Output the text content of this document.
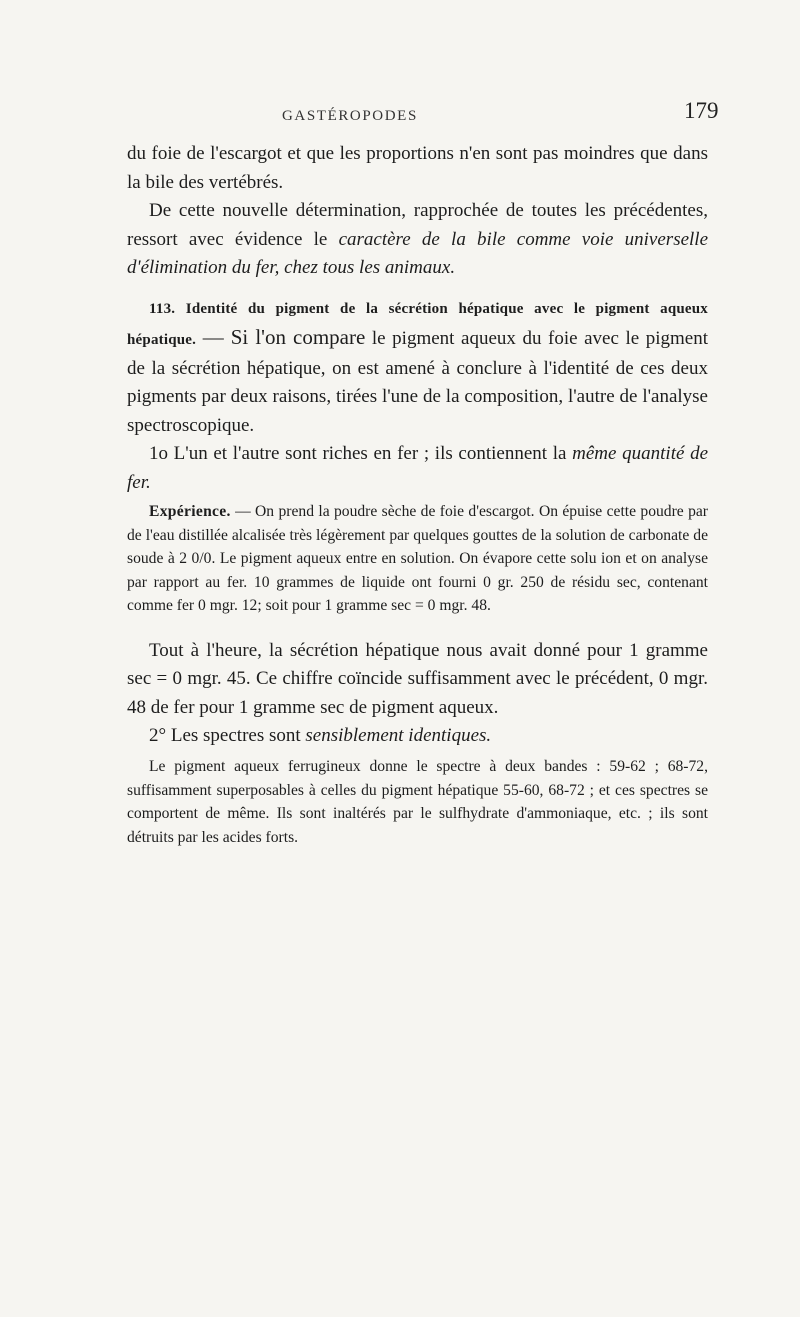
GASTÉROPODES	179

du foie de l'escargot et que les proportions n'en sont pas moindres que dans la bile des vertébrés.

De cette nouvelle détermination, rapprochée de toutes les précédentes, ressort avec évidence le caractère de la bile comme voie universelle d'élimination du fer, chez tous les animaux.

113. Identité du pigment de la sécrétion hépatique avec le pigment aqueux hépatique. — Si l'on compare le pigment aqueux du foie avec le pigment de la sécrétion hépatique, on est amené à conclure à l'identité de ces deux pigments par deux raisons, tirées l'une de la composition, l'autre de l'analyse spectroscopique.

1o L'un et l'autre sont riches en fer ; ils contiennent la même quantité de fer.

Expérience. — On prend la poudre sèche de foie d'escargot. On épuise cette poudre par de l'eau distillée alcalisée très légèrement par quelques gouttes de la solution de carbonate de soude à 2 0/0. Le pigment aqueux entre en solution. On évapore cette solu ion et on analyse par rapport au fer. 10 grammes de liquide ont fourni 0 gr. 250 de résidu sec, contenant comme fer 0 mgr. 12; soit pour 1 gramme sec = 0 mgr. 48.

Tout à l'heure, la sécrétion hépatique nous avait donné pour 1 gramme sec = 0 mgr. 45. Ce chiffre coïncide suffisamment avec le précédent, 0 mgr. 48 de fer pour 1 gramme sec de pigment aqueux.

2° Les spectres sont sensiblement identiques.

Le pigment aqueux ferrugineux donne le spectre à deux bandes : 59-62 ; 68-72, suffisamment superposables à celles du pigment hépatique 55-60, 68-72 ; et ces spectres se comportent de même. Ils sont inaltérés par le sulfhydrate d'ammoniaque, etc. ; ils sont détruits par les acides forts.
